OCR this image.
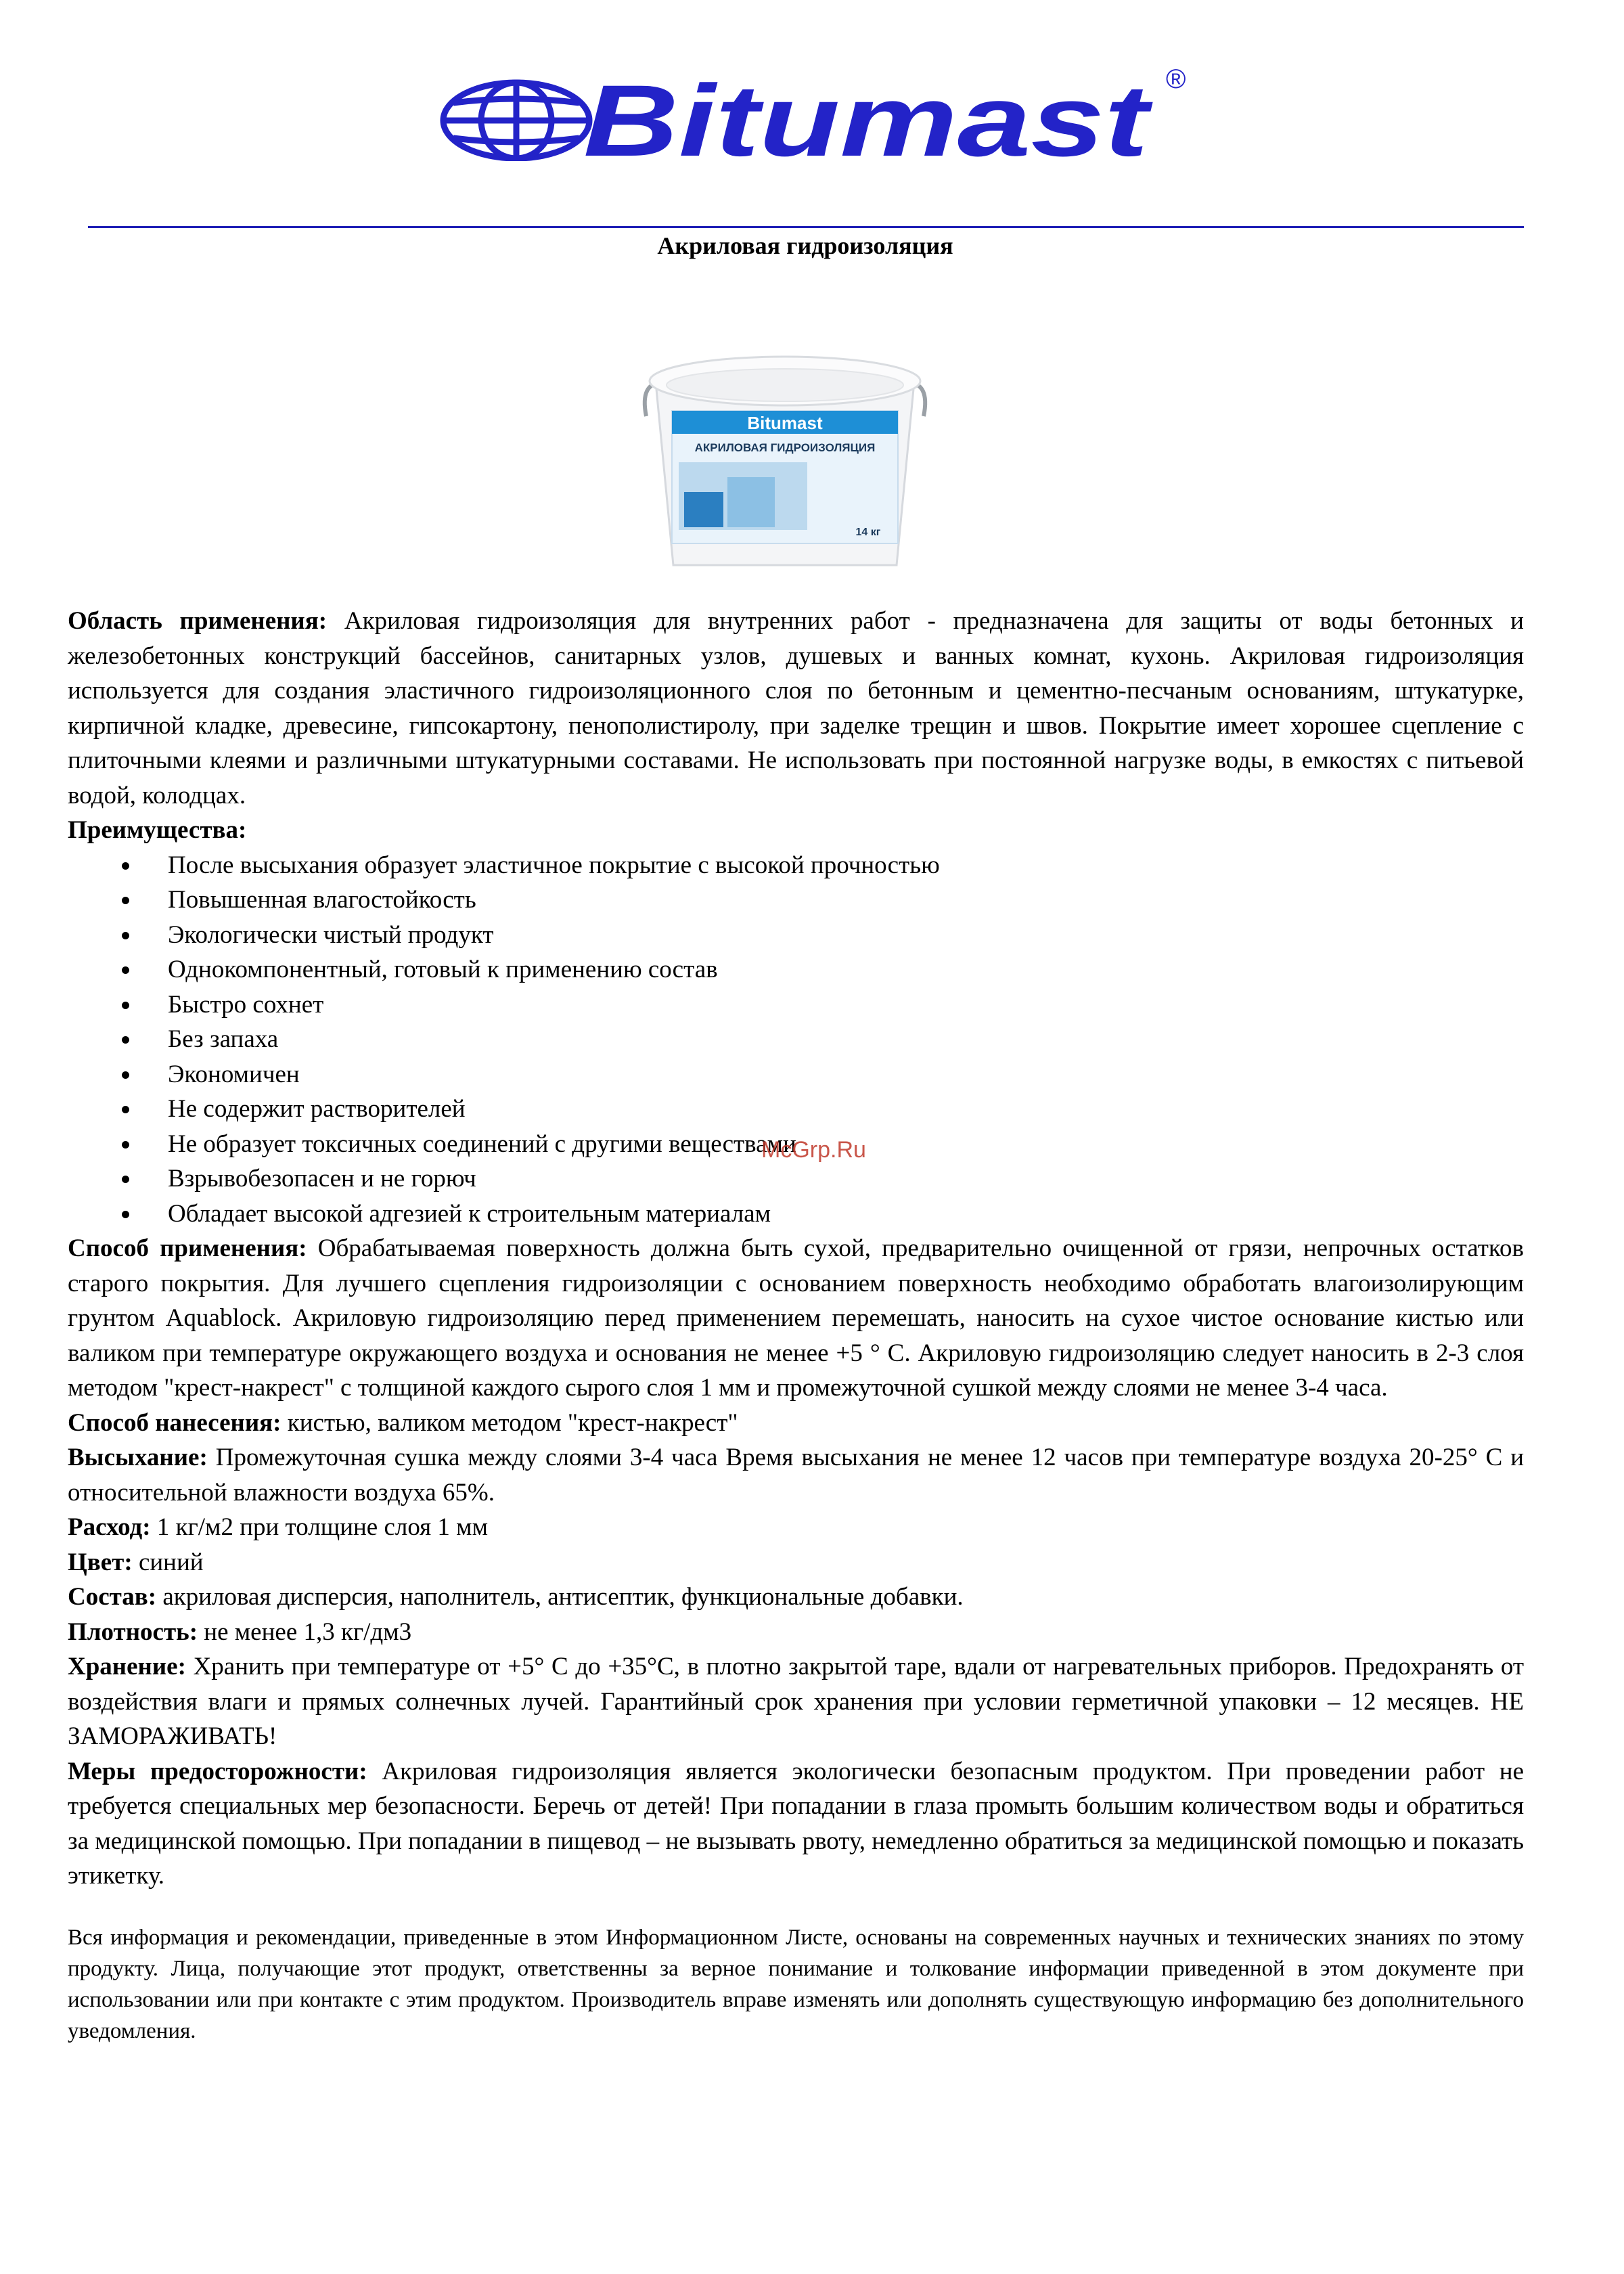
Bitumast ®
Акриловая гидроизоляция
Bitumast
АКРИЛОВАЯ ГИДРОИЗОЛЯЦИЯ
14 кг

Область применения: Акриловая гидроизоляция для внутренних работ - предназначена для защиты от воды бетонных и железобетонных конструкций бассейнов, санитарных узлов, душевых и ванных комнат, кухонь. Акриловая гидроизоляция используется для создания эластичного гидроизоляционного слоя по бетонным и цементно-песчаным основаниям, штукатурке, кирпичной кладке, древесине, гипсокартону, пенополистиролу, при заделке трещин и швов. Покрытие имеет хорошее сцепление с плиточными клеями и различными штукатурными составами. Не использовать при постоянной нагрузке воды, в емкостях с питьевой водой, колодцах.

Преимущества:

После высыхания образует эластичное покрытие с высокой прочностью
Повышенная влагостойкость
Экологически чистый продукт
Однокомпонентный, готовый к применению состав
Быстро сохнет
Без запаха
Экономичен
Не содержит растворителей
Не образует токсичных соединений с другими веществами
Взрывобезопасен и не горюч
Обладает высокой адгезией к строительным материалам

Способ применения: Обрабатываемая поверхность должна быть сухой, предварительно очищенной от грязи, непрочных остатков старого покрытия. Для лучшего сцепления гидроизоляции с основанием поверхность необходимо обработать влагоизолирующим грунтом Aquablock. Акриловую гидроизоляцию перед применением перемешать, наносить на сухое чистое основание кистью или валиком при температуре окружающего воздуха и основания не менее +5 ° С. Акриловую гидроизоляцию следует наносить в 2-3 слоя методом "крест-накрест" с толщиной каждого сырого слоя 1 мм и промежуточной сушкой между слоями не менее 3-4 часа.

Способ нанесения: кистью, валиком методом "крест-накрест"

Высыхание: Промежуточная сушка между слоями 3-4 часа Время высыхания не менее 12 часов при температуре воздуха 20-25° С и относительной влажности воздуха 65%.

Расход: 1 кг/м2 при толщине слоя 1 мм

Цвет: синий

Состав: акриловая дисперсия, наполнитель, антисептик, функциональные добавки.

Плотность: не менее 1,3 кг/дм3

Хранение: Хранить при температуре от +5° С до +35°С, в плотно закрытой таре, вдали от нагревательных приборов. Предохранять от воздействия влаги и прямых солнечных лучей. Гарантийный срок хранения при условии герметичной упаковки – 12 месяцев. НЕ ЗАМОРАЖИВАТЬ!

Меры предосторожности: Акриловая гидроизоляция является экологически безопасным продуктом. При проведении работ не требуется специальных мер безопасности. Беречь от детей! При попадании в глаза промыть большим количеством воды и обратиться за медицинской помощью. При попадании в пищевод – не вызывать рвоту, немедленно обратиться за медицинской помощью и показать этикетку.

Вся информация и рекомендации, приведенные в этом Информационном Листе, основаны на современных научных и технических знаниях по этому продукту. Лица, получающие этот продукт, ответственны за верное понимание и толкование информации приведенной в этом документе при использовании или при контакте с этим продуктом. Производитель вправе изменять или дополнять существующую информацию без дополнительного уведомления.

McGrp.Ru
